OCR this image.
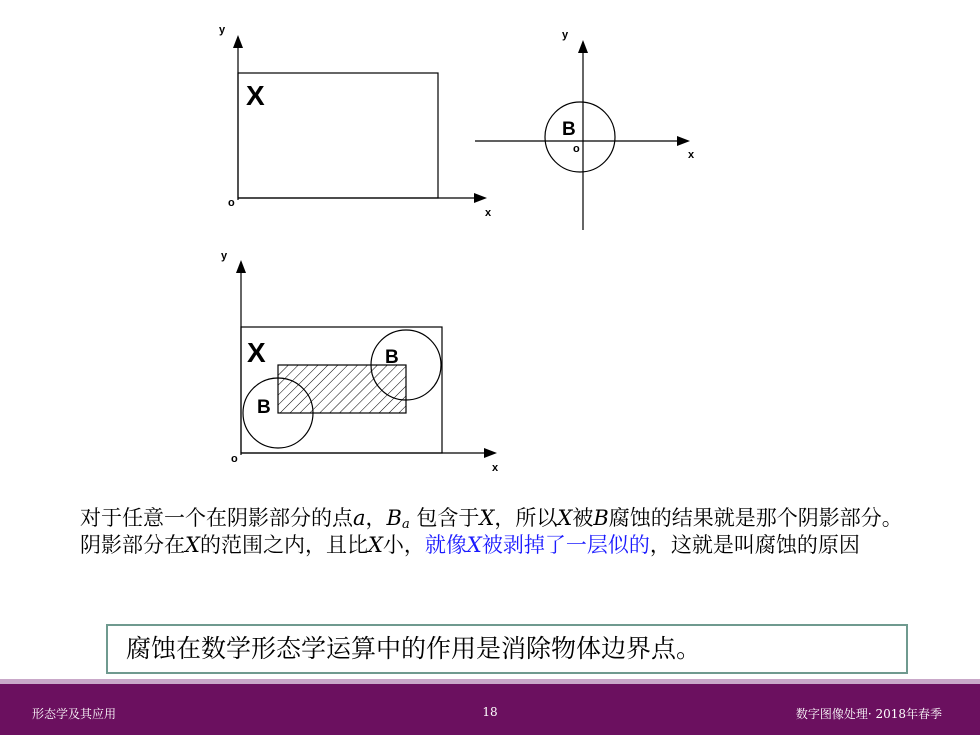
y
x
o
X
y
x
o
B
y
x
o
X	B
B
对于任意一个在阴影部分的点a，$B_a$ 包含于X，所以X被B腐蚀的结果就是那个阴影部分。阴影部分在X的范围之内，且比X小，就像X被剥掉了一层似的，这就是叫腐蚀的原因
腐蚀在数学形态学运算中的作用是消除物体边界点。
18
形态学及其应用	数字图像处理· 2018年春季
